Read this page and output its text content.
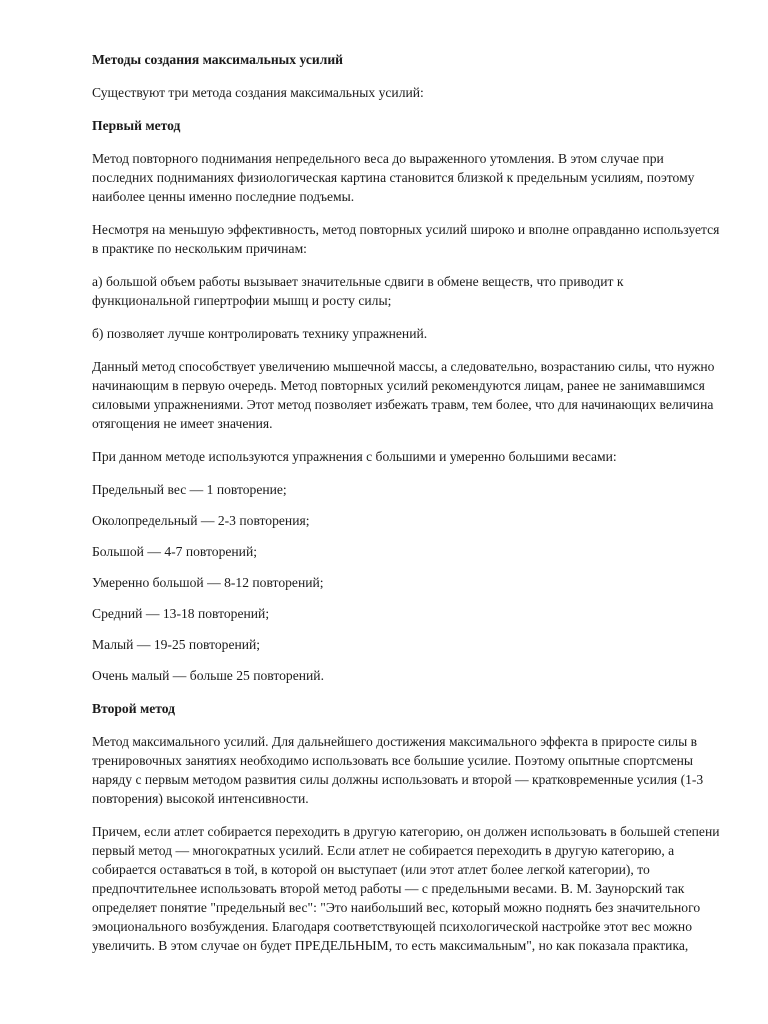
Методы создания максимальных усилий
Существуют три метода создания максимальных усилий:
Первый метод
Метод повторного поднимания непредельного веса до выраженного утомления. В этом случае при последних подниманиях физиологическая картина становится близкой к предельным усилиям, поэтому наиболее ценны именно последние подъемы.
Несмотря на меньшую эффективность, метод повторных усилий широко и вполне оправданно используется в практике по нескольким причинам:
а) большой объем работы вызывает значительные сдвиги в обмене веществ, что приводит к функциональной гипертрофии мышц и росту силы;
б) позволяет лучше контролировать технику упражнений.
Данный метод способствует увеличению мышечной массы, а следовательно, возрастанию силы, что нужно начинающим в первую очередь. Метод повторных усилий рекомендуются лицам, ранее не занимавшимся силовыми упражнениями. Этот метод позволяет избежать травм, тем более, что для начинающих величина отягощения не имеет значения.
При данном методе используются упражнения с большими и умеренно большими весами:
Предельный вес — 1 повторение;
Околопредельный — 2-3 повторения;
Большой — 4-7 повторений;
Умеренно большой — 8-12 повторений;
Средний — 13-18 повторений;
Малый — 19-25 повторений;
Очень малый — больше 25 повторений.
Второй метод
Метод максимального усилий. Для дальнейшего достижения максимального эффекта в приросте силы в тренировочных занятиях необходимо использовать все большие усилие. Поэтому опытные спортсмены наряду с первым методом развития силы должны использовать и второй — кратковременные усилия (1-3 повторения) высокой интенсивности.
Причем, если атлет собирается переходить в другую категорию, он должен использовать в большей степени первый метод — многократных усилий. Если атлет не собирается переходить в другую категорию, а собирается оставаться в той, в которой он выступает (или этот атлет более легкой категории), то предпочтительнее использовать второй метод работы — с предельными весами. В. М. Заунорский так определяет понятие "предельный вес": "Это наибольший вес, который можно поднять без значительного эмоционального возбуждения. Благодаря соответствующей психологической настройке этот вес можно увеличить. В этом случае он будет ПРЕДЕЛЬНЫМ, то есть максимальным", но как показала практика,
